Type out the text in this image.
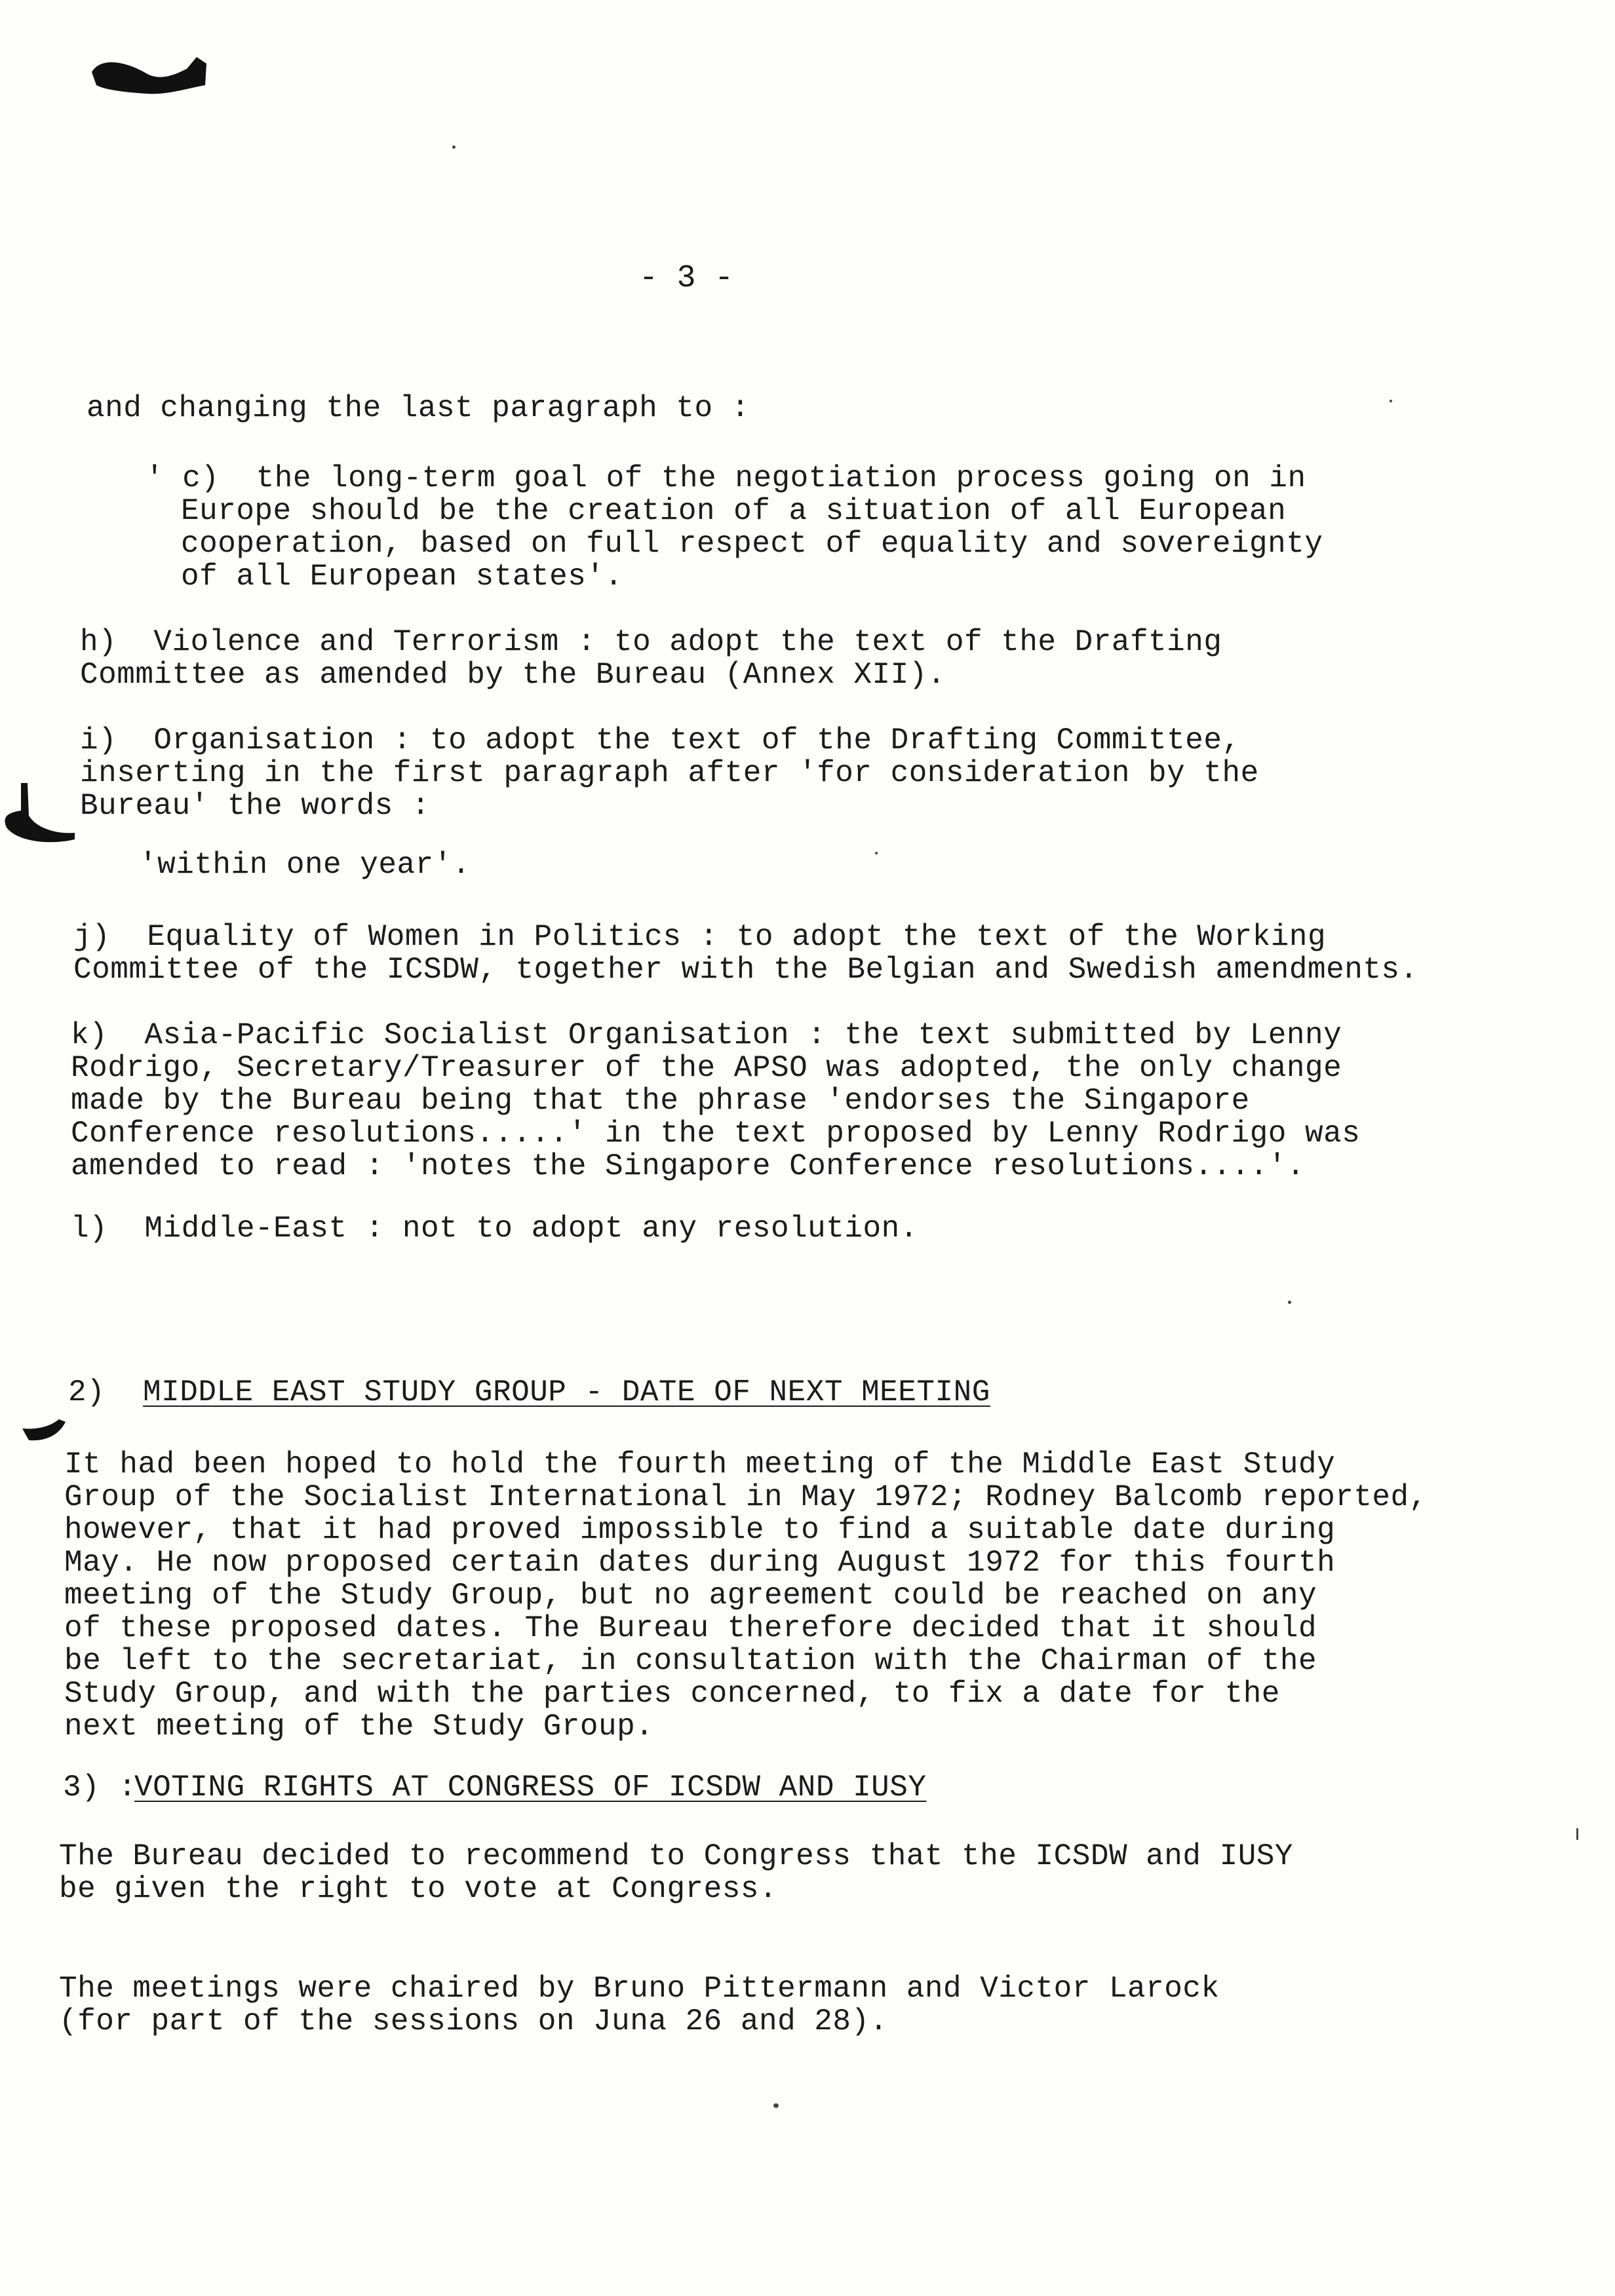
- 3 -
and changing the last paragraph to :
' c)  the long-term goal of the negotiation process going on in
Europe should be the creation of a situation of all European
cooperation, based on full respect of equality and sovereignty
of all European states'.
h)  Violence and Terrorism : to adopt the text of the Drafting
Committee as amended by the Bureau (Annex XII).
i)  Organisation : to adopt the text of the Drafting Committee,
inserting in the first paragraph after 'for consideration by the
Bureau' the words :
'within one year'.
j)  Equality of Women in Politics : to adopt the text of the Working
Committee of the ICSDW, together with the Belgian and Swedish amendments.
k)  Asia-Pacific Socialist Organisation : the text submitted by Lenny
Rodrigo, Secretary/Treasurer of the APSO was adopted, the only change
made by the Bureau being that the phrase 'endorses the Singapore
Conference resolutions.....' in the text proposed by Lenny Rodrigo was
amended to read : 'notes the Singapore Conference resolutions....'.
l)  Middle-East : not to adopt any resolution.
2) MIDDLE EAST STUDY GROUP - DATE OF NEXT MEETING
It had been hoped to hold the fourth meeting of the Middle East Study
Group of the Socialist International in May 1972; Rodney Balcomb reported,
however, that it had proved impossible to find a suitable date during
May. He now proposed certain dates during August 1972 for this fourth
meeting of the Study Group, but no agreement could be reached on any
of these proposed dates. The Bureau therefore decided that it should
be left to the secretariat, in consultation with the Chairman of the
Study Group, and with the parties concerned, to fix a date for the
next meeting of the Study Group.
3) :
VOTING RIGHTS AT CONGRESS OF ICSDW AND IUSY
The Bureau decided to recommend to Congress that the ICSDW and IUSY
be given the right to vote at Congress.
The meetings were chaired by Bruno Pittermann and Victor Larock
(for part of the sessions on Juna 26 and 28).
